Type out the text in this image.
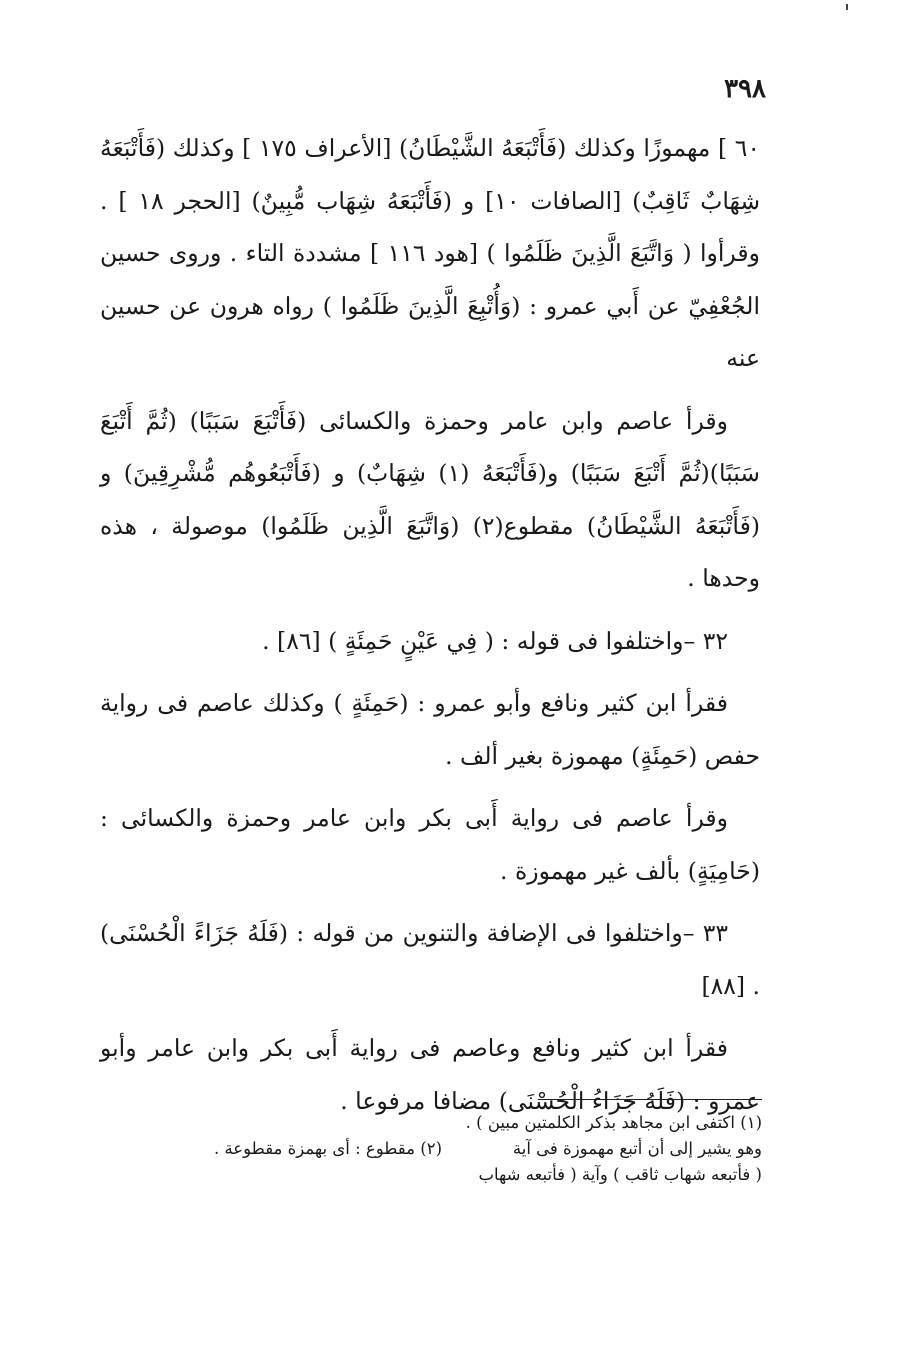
٣٩٨

٦٠ ] مهموزًا وكذلك (فَأَتْبَعَهُ الشَّيْطَانُ) [الأعراف ١٧٥ ] وكذلك (فَأَتْبَعَهُ شِهَابٌ ثَاقِبٌ) [الصافات ١٠] و (فَأَتْبَعَهُ شِهَاب مُّبِينٌ) [الحجر ١٨ ] . وقرأوا ( وَاتَّبَعَ الَّذِينَ ظَلَمُوا ) [هود ١١٦ ] مشددة التاء . وروى حسين الجُعْفِيّ عن أَبي عمرو : (وَأُتْبِعَ الَّذِينَ ظَلَمُوا ) رواه هرون عن حسين عنه

وقرأ عاصم وابن عامر وحمزة والكسائى (فَأَتْبَعَ سَبَبًا) (ثُمَّ أَتْبَعَ سَبَبًا)(ثُمَّ أَتْبَعَ سَبَبًا) و(فَأَتْبَعَهُ (١) شِهَابٌ) و (فَأَتْبَعُوهُم مُّشْرِقِينَ) و (فَأَتْبَعَهُ الشَّيْطَانُ) مقطوع(٢) (وَاتَّبَعَ الَّذِين ظَلَمُوا) موصولة ، هذه وحدها .

٣٢ –واختلفوا فى قوله : ( فِي عَيْنٍ حَمِئَةٍ ) [٨٦] .

فقرأ ابن كثير ونافع وأبو عمرو : (حَمِئَةٍ ) وكذلك عاصم فى رواية حفص (حَمِئَةٍ) مهموزة بغير ألف .

وقرأ عاصم فى رواية أَبى بكر وابن عامر وحمزة والكسائى : (حَامِيَةٍ) بألف غير مهموزة .

٣٣ –واختلفوا فى الإضافة والتنوين من قوله : (فَلَهُ جَزَاءً الْحُسْنَى) . [٨٨]

فقرأ ابن كثير ونافع وعاصم فى رواية أَبى بكر وابن عامر وأبو عمرو : (فَلَهُ جَزَاءُ الْحُسْنَى) مضافا مرفوعا .

(١) اكتفى ابن مجاهد بذكر الكلمتين مبين ) .
وهو يشير إلى أن أتبع مهموزة فى آية
( فأتبعه شهاب ثاقب ) وآية ( فأتبعه شهاب
(٢) مقطوع : أى بهمزة مقطوعة .
